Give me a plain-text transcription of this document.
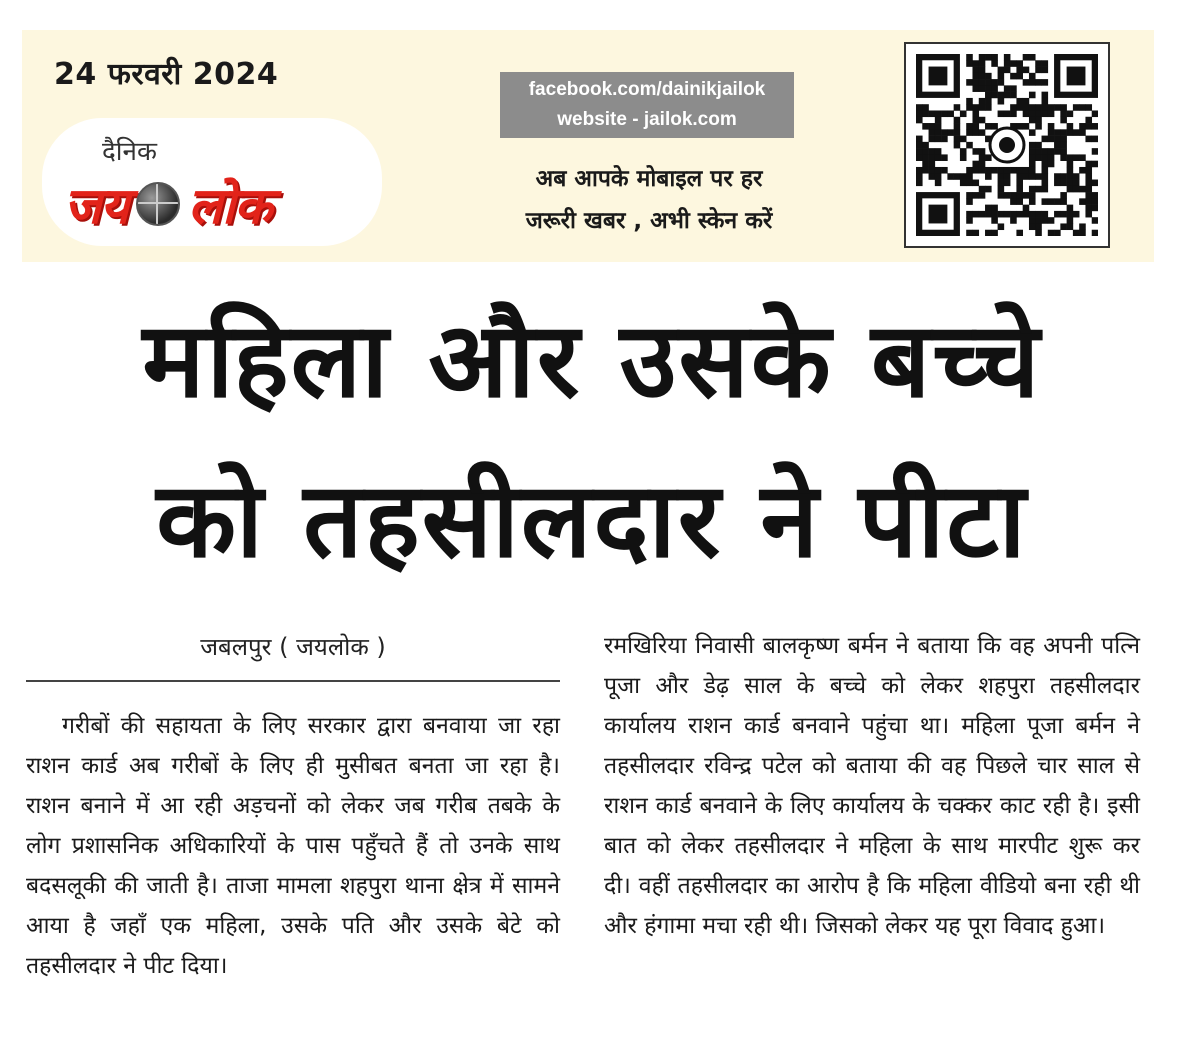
24 फरवरी 2024
दैनिक
जय लोक
facebook.com/dainikjailok
website - jailok.com
अब आपके मोबाइल पर हर
जरूरी खबर , अभी स्केन करें
महिला और उसके बच्चे
को तहसीलदार ने पीटा
जबलपुर ( जयलोक )

गरीबों की सहायता के लिए सरकार द्वारा बनवाया जा रहा राशन कार्ड अब गरीबों के लिए ही मुसीबत बनता जा रहा है। राशन बनाने में आ रही अड़चनों को लेकर जब गरीब तबके के लोग प्रशासनिक अधिकारियों के पास पहुँचते हैं तो उनके साथ बदसलूकी की जाती है। ताजा मामला शहपुरा थाना क्षेत्र में सामने आया है जहाँ एक महिला, उसके पति और उसके बेटे को तहसीलदार ने पीट दिया।

रमखिरिया निवासी बालकृष्ण बर्मन ने बताया कि वह अपनी पत्नि पूजा और डेढ़ साल के बच्चे को लेकर शहपुरा तहसीलदार कार्यालय राशन कार्ड बनवाने पहुंचा था। महिला पूजा बर्मन ने तहसीलदार रविन्द्र पटेल को बताया की वह पिछले चार साल से राशन कार्ड बनवाने के लिए कार्यालय के चक्कर काट रही है। इसी बात को लेकर तहसीलदार ने महिला के साथ मारपीट शुरू कर दी। वहीं तहसीलदार का आरोप है कि महिला वीडियो बना रही थी और हंगामा मचा रही थी। जिसको लेकर यह पूरा विवाद हुआ।
